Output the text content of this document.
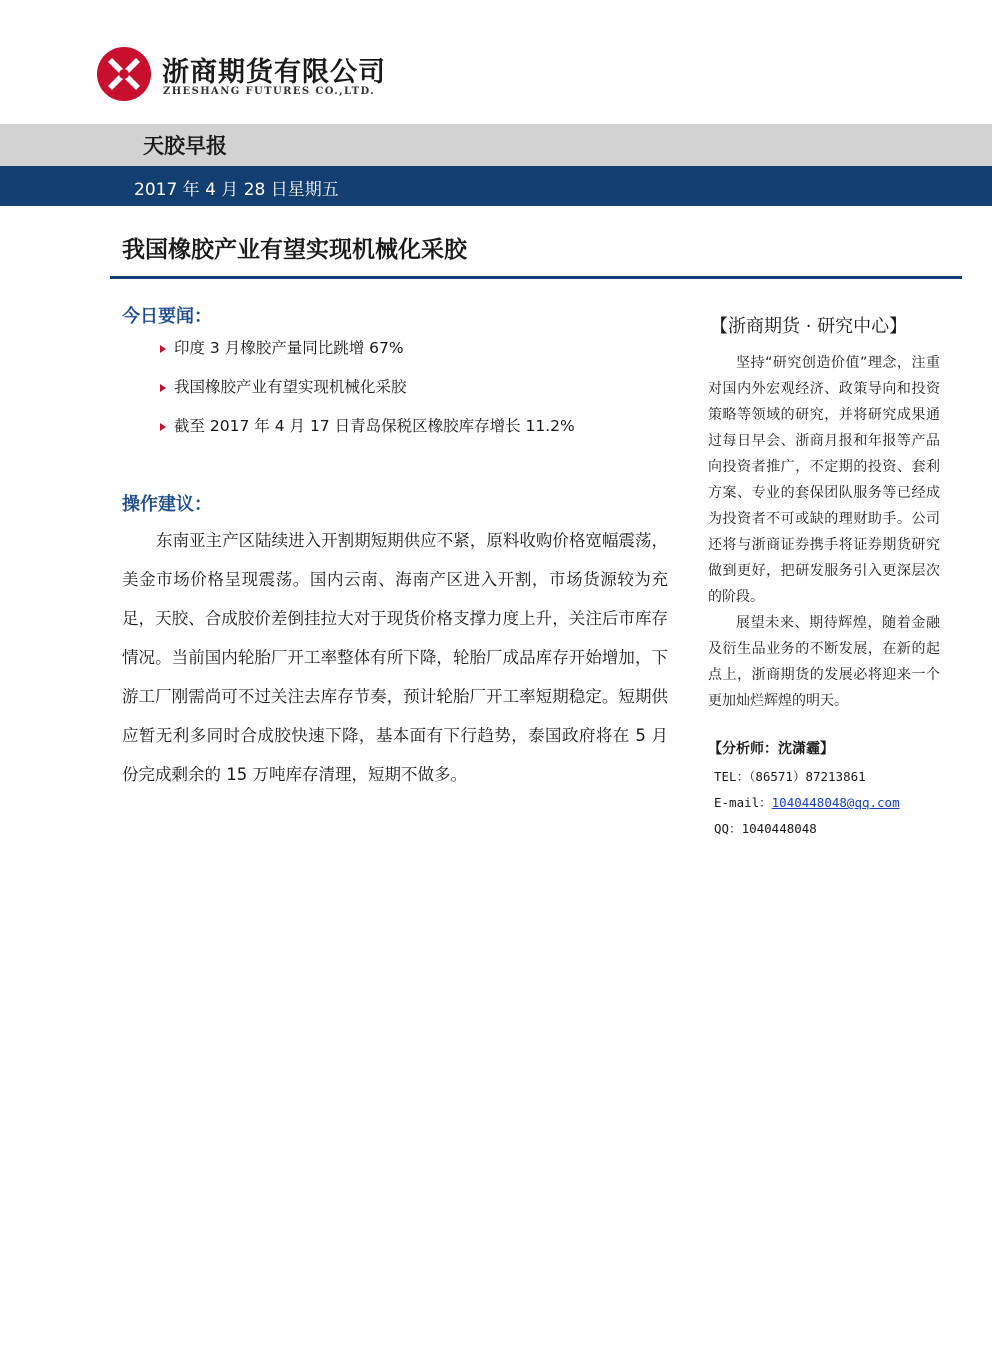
浙商期货有限公司
ZHESHANG FUTURES CO.,LTD.
天胶早报
2017 年 4 月 28 日星期五
我国橡胶产业有望实现机械化采胶
今日要闻：
印度 3 月橡胶产量同比跳增 67%
我国橡胶产业有望实现机械化采胶
截至 2017 年 4 月 17 日青岛保税区橡胶库存增长 11.2%
操作建议：

东南亚主产区陆续进入开割期短期供应不紧，原料收购价格宽幅震荡，美金市场价格呈现震荡。国内云南、海南产区进入开割，市场货源较为充足，天胶、合成胶价差倒挂拉大对于现货价格支撑力度上升，关注后市库存情况。当前国内轮胎厂开工率整体有所下降，轮胎厂成品库存开始增加，下游工厂刚需尚可不过关注去库存节奏，预计轮胎厂开工率短期稳定。短期供应暂无利多同时合成胶快速下降，基本面有下行趋势，泰国政府将在 5 月份完成剩余的 15 万吨库存清理，短期不做多。

【浙商期货 · 研究中心】

坚持“研究创造价值”理念，注重对国内外宏观经济、政策导向和投资策略等领域的研究，并将研究成果通过每日早会、浙商月报和年报等产品向投资者推广，不定期的投资、套利方案、专业的套保团队服务等已经成为投资者不可或缺的理财助手。公司还将与浙商证券携手将证券期货研究做到更好，把研发服务引入更深层次的阶段。

展望未来、期待辉煌，随着金融及衍生品业务的不断发展，在新的起点上，浙商期货的发展必将迎来一个更加灿烂辉煌的明天。

【分析师：沈潇霾】
TEL：（86571）87213861
E-mail：1040448048@qq.com
QQ：1040448048
